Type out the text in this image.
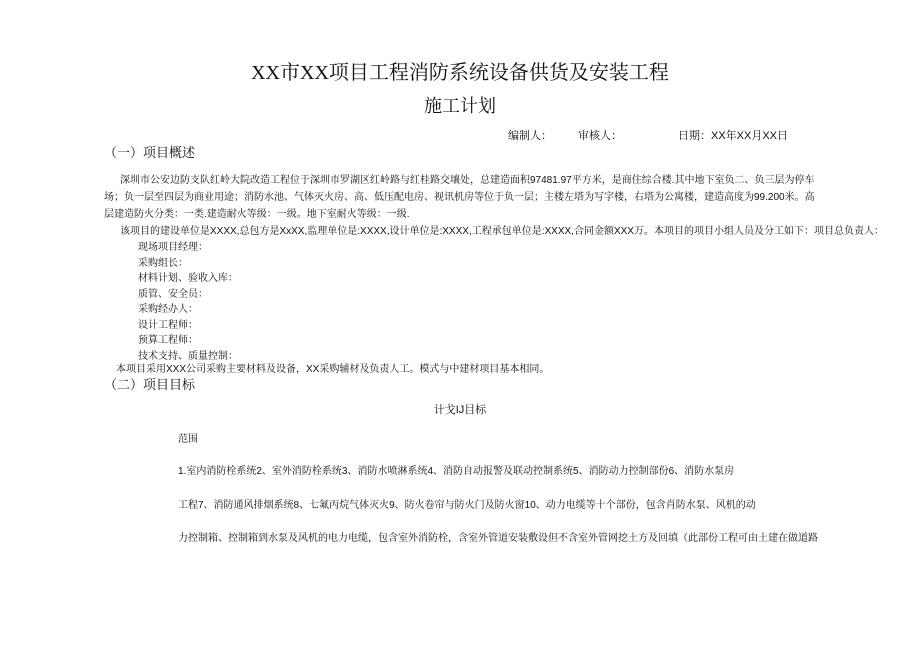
XX市XX项目工程消防系统设备供货及安装工程
施工计划
编制人： 审核人：	日期：XX年XX月XX日
（一）项目概述
深圳市公安边防支队红岭大院改造工程位于深圳市罗湖区红岭路与红桂路交壤处，总建造面积97481.97平方米，是商住综合楼.其中地下室负二、负三层为停车场；负一层至四层为商业用途；消防水池、气体灭火房、高、低压配电房、视讯机房等位于负一层；主楼左塔为写字楼，右塔为公寓楼，建造高度为99.200米。高层建造防火分类：一类.建造耐火等级：一级。地下室耐火等级：一级.
该项目的建设单位是XXXX,总包方是XxXX,监理单位是:XXXX,设计单位是:XXXX,工程承包单位是:XXXX,合同金额XXX万。本项目的项目小组人员及分工如下：项目总负责人：
现场项目经理：
采购组长：
材料计划、验收入库：
质管、安全员：
采购经办人：
设计工程师：
预算工程师：
技术支持、质量控制：
本项目采用XXX公司采购主要材料及设备，XX采购辅材及负责人工。模式与中建材项目基本相同。
（二）项目目标
计戈IJ目标
范围
1.室内消防栓系统2、室外消防栓系统3、消防水喷淋系统4、消防自动报警及联动控制系统5、消防动力控制部份6、消防水泵房
工程7、消防通风排烟系统8、七氟丙烷气体灭火9、防火卷帘与防火门及防火窗10、动力电缆等十个部份，包含肖防水泵、风机的动
力控制箱、控制箱到水泵及风机的电力电缆，包含室外消防栓，含室外管道安装敷设但不含室外管网挖土方及回填（此部份工程可由土建在做道路
